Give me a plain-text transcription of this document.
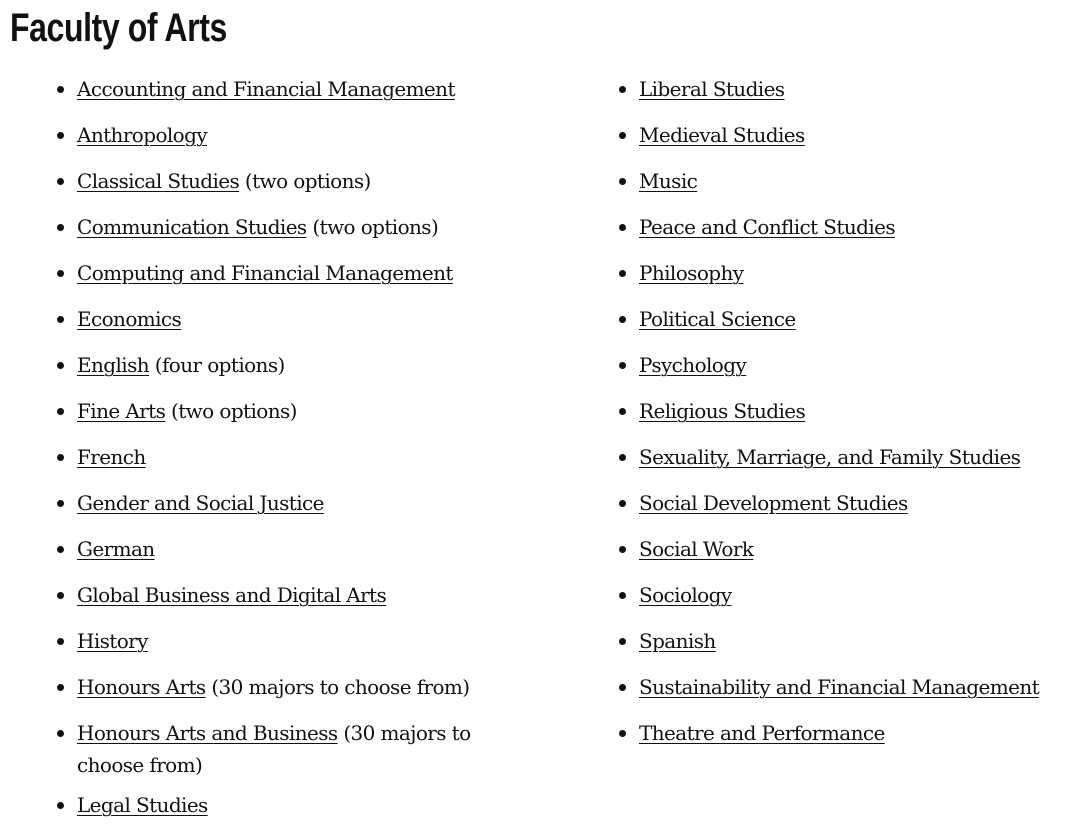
Faculty of Arts
Accounting and Financial Management
Anthropology
Classical Studies (two options)
Communication Studies (two options)
Computing and Financial Management
Economics
English (four options)
Fine Arts (two options)
French
Gender and Social Justice
German
Global Business and Digital Arts
History
Honours Arts (30 majors to choose from)
Honours Arts and Business (30 majors to choose from)
Legal Studies
Liberal Studies
Medieval Studies
Music
Peace and Conflict Studies
Philosophy
Political Science
Psychology
Religious Studies
Sexuality, Marriage, and Family Studies
Social Development Studies
Social Work
Sociology
Spanish
Sustainability and Financial Management
Theatre and Performance
